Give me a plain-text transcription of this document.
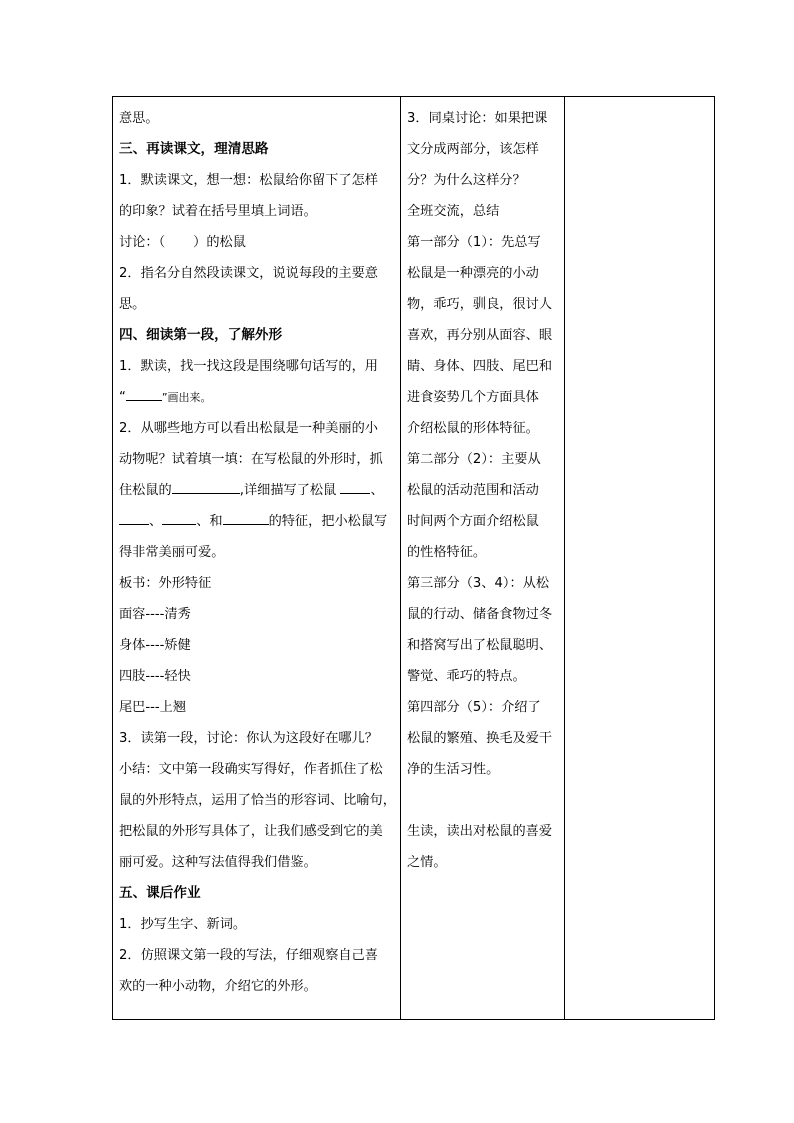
意思。
三、再读课文，理清思路
1．默读课文，想一想：松鼠给你留下了怎样
的印象？试着在括号里填上词语。
讨论：（ ）的松鼠
2．指名分自然段读课文，说说每段的主要意
思。
四、细读第一段，了解外形
1．默读，找一找这段是围绕哪句话写的，用
“	”画出来。
2．从哪些地方可以看出松鼠是一种美丽的小
动物呢？试着填一填：在写松鼠的外形时，抓
住松鼠的	,详细描写了松鼠	、
、	、和	的特征，把小松鼠写
得非常美丽可爱。
板书：外形特征
面容----清秀
身体----矫健
四肢----轻快
尾巴---上翘
3．读第一段，讨论：你认为这段好在哪儿？
小结：文中第一段确实写得好，作者抓住了松
鼠的外形特点，运用了恰当的形容词、比喻句，
把松鼠的外形写具体了，让我们感受到它的美
丽可爱。这种写法值得我们借鉴。
五、课后作业
1．抄写生字、新词。
2．仿照课文第一段的写法，仔细观察自己喜
欢的一种小动物，介绍它的外形。

3．同桌讨论：如果把课
文分成两部分，该怎样
分？为什么这样分？
全班交流，总结
第一部分（1）：先总写
松鼠是一种漂亮的小动
物，乖巧，驯良，很讨人
喜欢，再分别从面容、眼
睛、身体、四肢、尾巴和
进食姿势几个方面具体
介绍松鼠的形体特征。
第二部分（2）：主要从
松鼠的活动范围和活动
时间两个方面介绍松鼠
的性格特征。
第三部分（3、4）：从松
鼠的行动、储备食物过冬
和搭窝写出了松鼠聪明、
警觉、乖巧的特点。
第四部分（5）：介绍了
松鼠的繁殖、换毛及爱干
净的生活习性。
生读，读出对松鼠的喜爱
之情。
